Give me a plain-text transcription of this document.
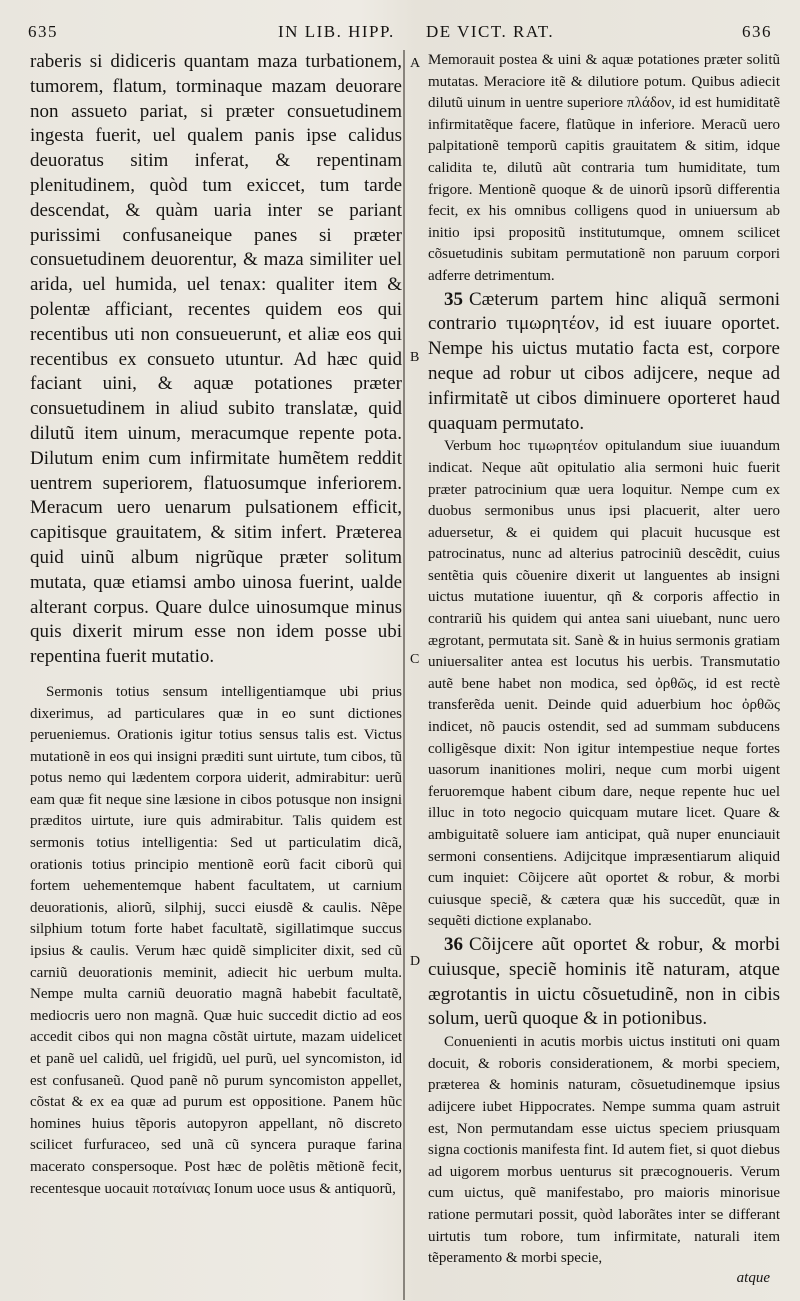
635	IN LIB. HIPP. DE VICT. RAT.	636
A
B
C
D

raberis si didiceris quantam maza turbationem, tumorem, flatum, torminaque mazam deuorare non assueto pariat, si præter consuetudinem ingesta fuerit, uel qualem panis ipse calidus deuoratus sitim inferat, & repentinam plenitudinem, quòd tum exiccet, tum tarde descendat, & quàm uaria inter se pariant purissimi confusaneique panes si præter consuetudinem deuorentur, & maza similiter uel arida, uel humida, uel tenax: qualiter item & polentæ afficiant, recentes quidem eos qui recentibus uti non consueuerunt, et aliæ eos qui recentibus ex consueto utuntur. Ad hæc quid faciant uini, & aquæ potationes præter consuetudinem in aliud subito translatæ, quid dilutũ item uinum, meracumque repente pota. Dilutum enim cum infirmitate humẽtem reddit uentrem superiorem, flatuosumque inferiorem. Meracum uero uenarum pulsationem efficit, capitisque grauitatem, & sitim infert. Præterea quid uinũ album nigrũque præter solitum mutata, quæ etiamsi ambo uinosa fuerint, ualde alterant corpus. Quare dulce uinosumque minus quis dixerit mirum esse non idem posse ubi repentina fuerit mutatio.

Sermonis totius sensum intelligentiamque ubi prius dixerimus, ad particulares quæ in eo sunt dictiones perueniemus. Orationis igitur totius sensus talis est. Victus mutationẽ in eos qui insigni præditi sunt uirtute, tum cibos, tũ potus nemo qui lædentem corpora uiderit, admirabitur: uerũ eam quæ fit neque sine læsione in cibos potusque non insigni præditos uirtute, iure quis admirabitur. Talis quidem est sermonis totius intelligentia: Sed ut particulatim dicã, orationis totius principio mentionẽ eorũ facit ciborũ qui fortem uehementemque habent facultatem, ut carnium deuorationis, aliorũ, silphij, succi eiusdẽ & caulis. Nẽpe silphium totum forte habet facultatẽ, sigillatimque succus ipsius & caulis. Verum hæc quidẽ simpliciter dixit, sed cũ carniũ deuorationis meminit, adiecit hic uerbum multa. Nempe multa carniũ deuoratio magnã habebit facultatẽ, mediocris uero non magnã. Quæ huic succedit dictio ad eos accedit cibos qui non magna cõstãt uirtute, mazam uidelicet et panẽ uel calidũ, uel frigidũ, uel purũ, uel syncomiston, id est confusaneũ. Quod panẽ nõ purum syncomiston appellet, cõstat & ex ea quæ ad purum est oppositione. Panem hũc homines huius tẽporis autopyron appellant, nõ discreto scilicet furfuraceo, sed unã cũ syncera puraque farina macerato conspersoque. Post hæc de polẽtis mẽtionẽ fecit, recentesque uocauit ποταίνιας Ionum uoce usus & antiquorũ,

Memorauit postea & uini & aquæ potationes præter solitũ mutatas. Meraciore itẽ & dilutiore potum. Quibus adiecit dilutũ uinum in uentre superiore πλάδον, id est humiditatẽ infirmitatẽque facere, flatũque in inferiore. Meracũ uero palpitationẽ temporũ capitis grauitatem & sitim, idque calidita te, dilutũ aũt contraria tum humiditate, tum frigore. Mentionẽ quoque & de uinorũ ipsorũ differentia fecit, ex his omnibus colligens quod in uniuersum ab initio ipsi propositũ institutumque, omnem scilicet cõsuetudinis subitam permutationẽ non paruum corpori adferre detrimentum.

35 Cæterum partem hinc aliquã sermoni contrario τιμωρητέον, id est iuuare oportet. Nempe his uictus mutatio facta est, corpore neque ad robur ut cibos adijcere, neque ad infirmitatẽ ut cibos diminuere oporteret haud quaquam permutato.

Verbum hoc τιμωρητέον opitulandum siue iuuandum indicat. Neque aũt opitulatio alia sermoni huic fuerit præter patrocinium quæ uera loquitur. Nempe cum ex duobus sermonibus unus ipsi placuerit, alter uero aduersetur, & ei quidem qui placuit hucusque est patrocinatus, nunc ad alterius patrociniũ descẽdit, cuius sentẽtia quis cõuenire dixerit ut languentes ab insigni uictus mutatione iuuentur, qñ & corporis affectio in contrariũ his quidem qui antea sani uiuebant, nunc uero ægrotant, permutata sit. Sanè & in huius sermonis gratiam uniuersaliter antea est locutus his uerbis. Transmutatio autẽ bene habet non modica, sed ὀρθῶς, id est rectè transferẽda uenit. Deinde quid aduerbium hoc ὀρθῶς indicet, nõ paucis ostendit, sed ad summam subducens colligẽsque dixit: Non igitur intempestiue neque fortes uasorum inanitiones moliri, neque cum morbi uigent feruoremque habent cibum dare, neque repente huc uel illuc in toto negocio quicquam mutare licet. Quare & ambiguitatẽ soluere iam anticipat, quã nuper enunciauit sermoni consentiens. Adijcitque impræsentiarum aliquid cum inquiet: Cõijcere aũt oportet & robur, & morbi cuiusque speciẽ, & cætera quæ his succedũt, quæ in sequẽti dictione explanabo.

36 Cõijcere aũt oportet & robur, & morbi cuiusque, speciẽ hominis itẽ naturam, atque ægrotantis in uictu cõsuetudinẽ, non in cibis solum, uerũ quoque & in potionibus.

Conuenienti in acutis morbis uictus instituti oni quam docuit, & roboris considerationem, & morbi speciem, præterea & hominis naturam, cõsuetudinemque ipsius adijcere iubet Hippocrates. Nempe summa quam astruit est, Non permutandam esse uictus speciem priusquam signa coctionis manifesta fint. Id autem fiet, si quot diebus ad uigorem morbus uenturus sit præcognoueris. Verum cum uictus, quẽ manifestabo, pro maioris minorisue ratione permutari possit, quòd laborãtes inter se differant uirtutis tum robore, tum infirmitate, naturali item tẽperamento & morbi specie,

atque
